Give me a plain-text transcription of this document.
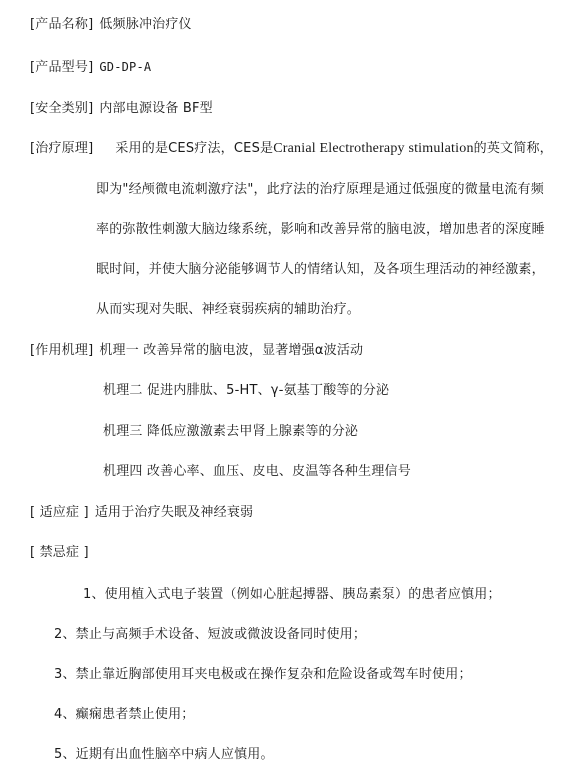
[产品名称] 低频脉冲治疗仪
[产品型号] GD-DP-A
[安全类别] 内部电源设备 BF型
[治疗原理] 采用的是CES疗法，CES是Cranial Electrotherapy stimulation的英文简称，
即为"经颅微电流刺激疗法"，此疗法的治疗原理是通过低强度的微量电流有频
率的弥散性刺激大脑边缘系统，影响和改善异常的脑电波，增加患者的深度睡
眠时间，并使大脑分泌能够调节人的情绪认知，及各项生理活动的神经激素，
从而实现对失眠、神经衰弱疾病的辅助治疗。
[作用机理] 机理一 改善异常的脑电波，显著增强α波活动
机理二 促进内腓肽、5-HT、γ-氨基丁酸等的分泌
机理三 降低应激激素去甲肾上腺素等的分泌
机理四 改善心率、血压、皮电、皮温等各种生理信号
[ 适应症 ] 适用于治疗失眠及神经衰弱
[ 禁忌症 ]
1、使用植入式电子装置（例如心脏起搏器、胰岛素泵）的患者应慎用；
2、禁止与高频手术设备、短波或微波设备同时使用；
3、禁止靠近胸部使用耳夹电极或在操作复杂和危险设备或驾车时使用；
4、癫痫患者禁止使用；
5、近期有出血性脑卒中病人应慎用。
